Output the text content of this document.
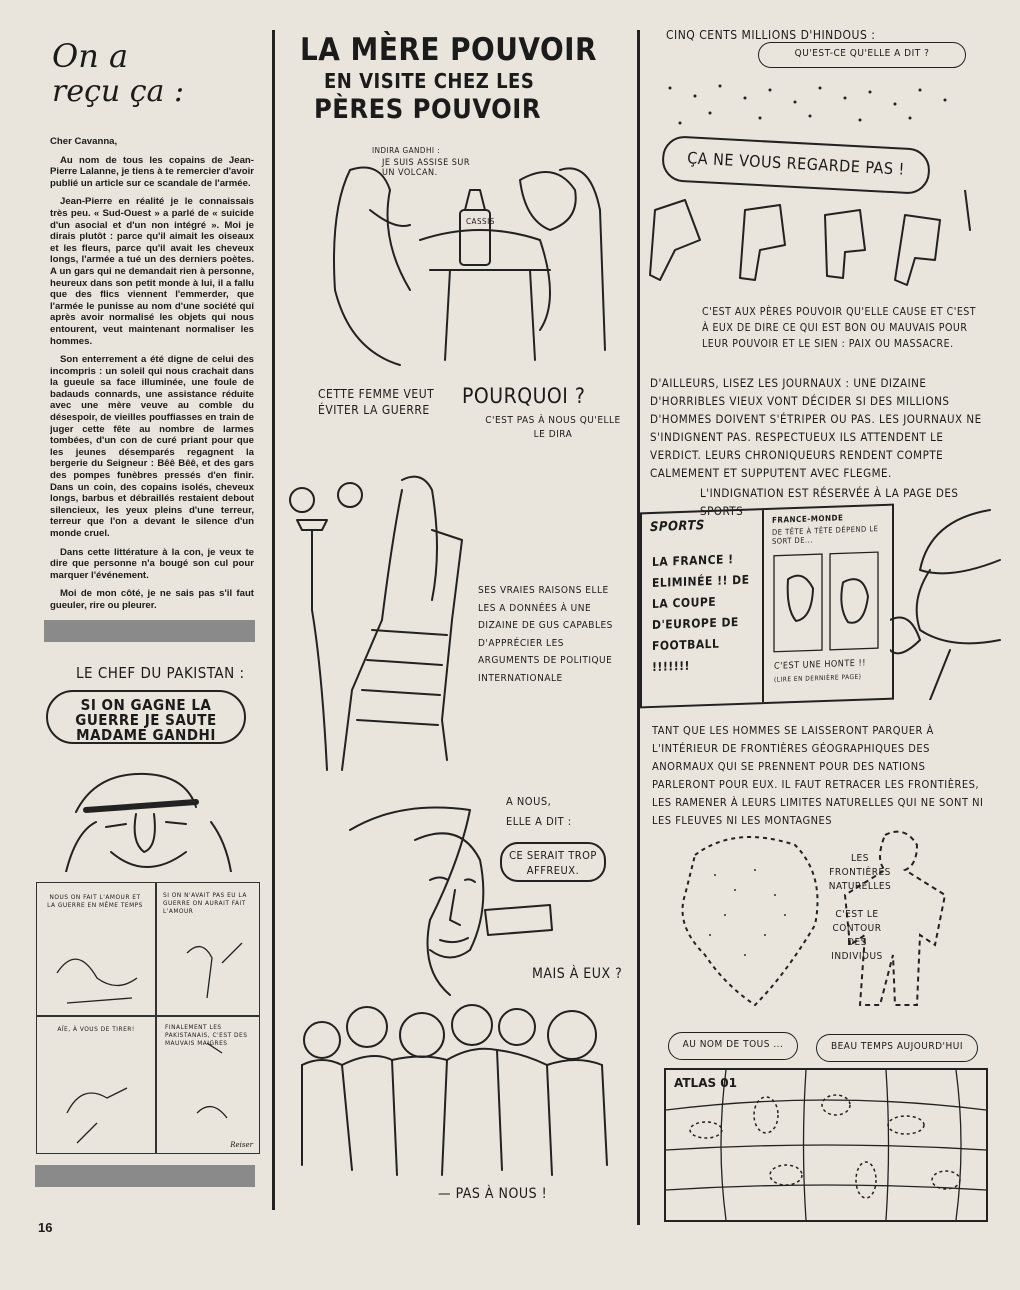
On a
reçu ça :

Cher Cavanna,

Au nom de tous les copains de Jean-Pierre Lalanne, je tiens à te remercier d'avoir publié un article sur ce scandale de l'armée.

Jean-Pierre en réalité je le connaissais très peu. « Sud-Ouest » a parlé de « suicide d'un asocial et d'un non intégré ». Moi je dirais plutôt : parce qu'il aimait les oiseaux et les fleurs, parce qu'il avait les cheveux longs, l'armée a tué un des derniers poètes. A un gars qui ne demandait rien à personne, heureux dans son petit monde à lui, il a fallu que des flics viennent l'emmerder, que l'armée le punisse au nom d'une société qui après avoir normalisé les objets qui nous entourent, veut maintenant normaliser les hommes.

Son enterrement a été digne de celui des incompris : un soleil qui nous crachait dans la gueule sa face illuminée, une foule de badauds connards, une assistance réduite avec une mère veuve au comble du désespoir, de vieilles pouffiasses en train de juger cette fête au nombre de larmes tombées, d'un con de curé priant pour que les jeunes désemparés regagnent la bergerie du Seigneur : Bêê Bêê, et des gars des pompes funèbres pressés d'en finir. Dans un coin, des copains isolés, cheveux longs, barbus et débraillés restaient debout silencieux, les yeux pleins d'une terreur, terreur que l'on a devant le silence d'un monde cruel.

Dans cette littérature à la con, je veux te dire que personne n'a bougé son cul pour marquer l'événement.

Moi de mon côté, je ne sais pas s'il faut gueuler, rire ou pleurer.

LE CHEF DU PAKISTAN :
SI ON GAGNE LA GUERRE JE SAUTE MADAME GANDHI
NOUS ON FAIT L'AMOUR ET LA GUERRE EN MÊME TEMPS
SI ON N'AVAIT PAS EU LA GUERRE ON AURAIT FAIT L'AMOUR
AÏE, À VOUS DE TIRER!	FINALEMENT LES PAKISTANAIS, C'EST DES MAUVAIS MAIGRES
Reiser
16
LA MÈRE POUVOIR
EN VISITE CHEZ LES
PÈRES POUVOIR
INDIRA GANDHI :
JE SUIS ASSISE SUR UN VOLCAN.
CASSIS
CETTE FEMME VEUT ÉVITER LA GUERRE
POURQUOI ?
C'EST PAS À NOUS QU'ELLE LE DIRA
SES VRAIES RAISONS ELLE LES A DONNÉES À UNE DIZAINE DE GUS CAPABLES D'APPRÉCIER LES ARGUMENTS DE POLITIQUE INTERNATIONALE
A NOUS, ELLE A DIT :
CE SERAIT TROP AFFREUX.
MAIS À EUX ?
— PAS À NOUS !
CINQ CENTS MILLIONS D'HINDOUS :
QU'EST-CE QU'ELLE A DIT ?
ÇA NE VOUS REGARDE PAS !
C'EST AUX PÈRES POUVOIR QU'ELLE CAUSE ET C'EST À EUX DE DIRE CE QUI EST BON OU MAUVAIS POUR LEUR POUVOIR ET LE SIEN : PAIX OU MASSACRE.
D'AILLEURS, LISEZ LES JOURNAUX : UNE DIZAINE D'HORRIBLES VIEUX VONT DÉCIDER SI DES MILLIONS D'HOMMES DOIVENT S'ÉTRIPER OU PAS. LES JOURNAUX NE S'INDIGNENT PAS. RESPECTUEUX ILS ATTENDENT LE VERDICT. LEURS CHRONIQUEURS RENDENT COMPTE CALMEMENT ET SUPPUTENT AVEC FLEGME.
L'INDIGNATION EST RÉSERVÉE À LA PAGE DES SPORTS
SPORTS
LA FRANCE ! ELIMINÉE !! DE LA COUPE D'EUROPE DE FOOTBALL !!!!!!!
FRANCE-MONDE
DE TÊTE À TÊTE DÉPEND LE SORT DE...
C'EST UNE HONTE !!
(LIRE EN DERNIÈRE PAGE)
TANT QUE LES HOMMES SE LAISSERONT PARQUER À L'INTÉRIEUR DE FRONTIÈRES GÉOGRAPHIQUES DES ANORMAUX QUI SE PRENNENT POUR DES NATIONS PARLERONT POUR EUX. IL FAUT RETRACER LES FRONTIÈRES, LES RAMENER À LEURS LIMITES NATURELLES QUI NE SONT NI LES FLEUVES NI LES MONTAGNES
LES FRONTIÈRES NATURELLES
C'EST LE CONTOUR DES INDIVIDUS
AU NOM DE TOUS ...	BEAU TEMPS AUJOURD'HUI
ATLAS 01
